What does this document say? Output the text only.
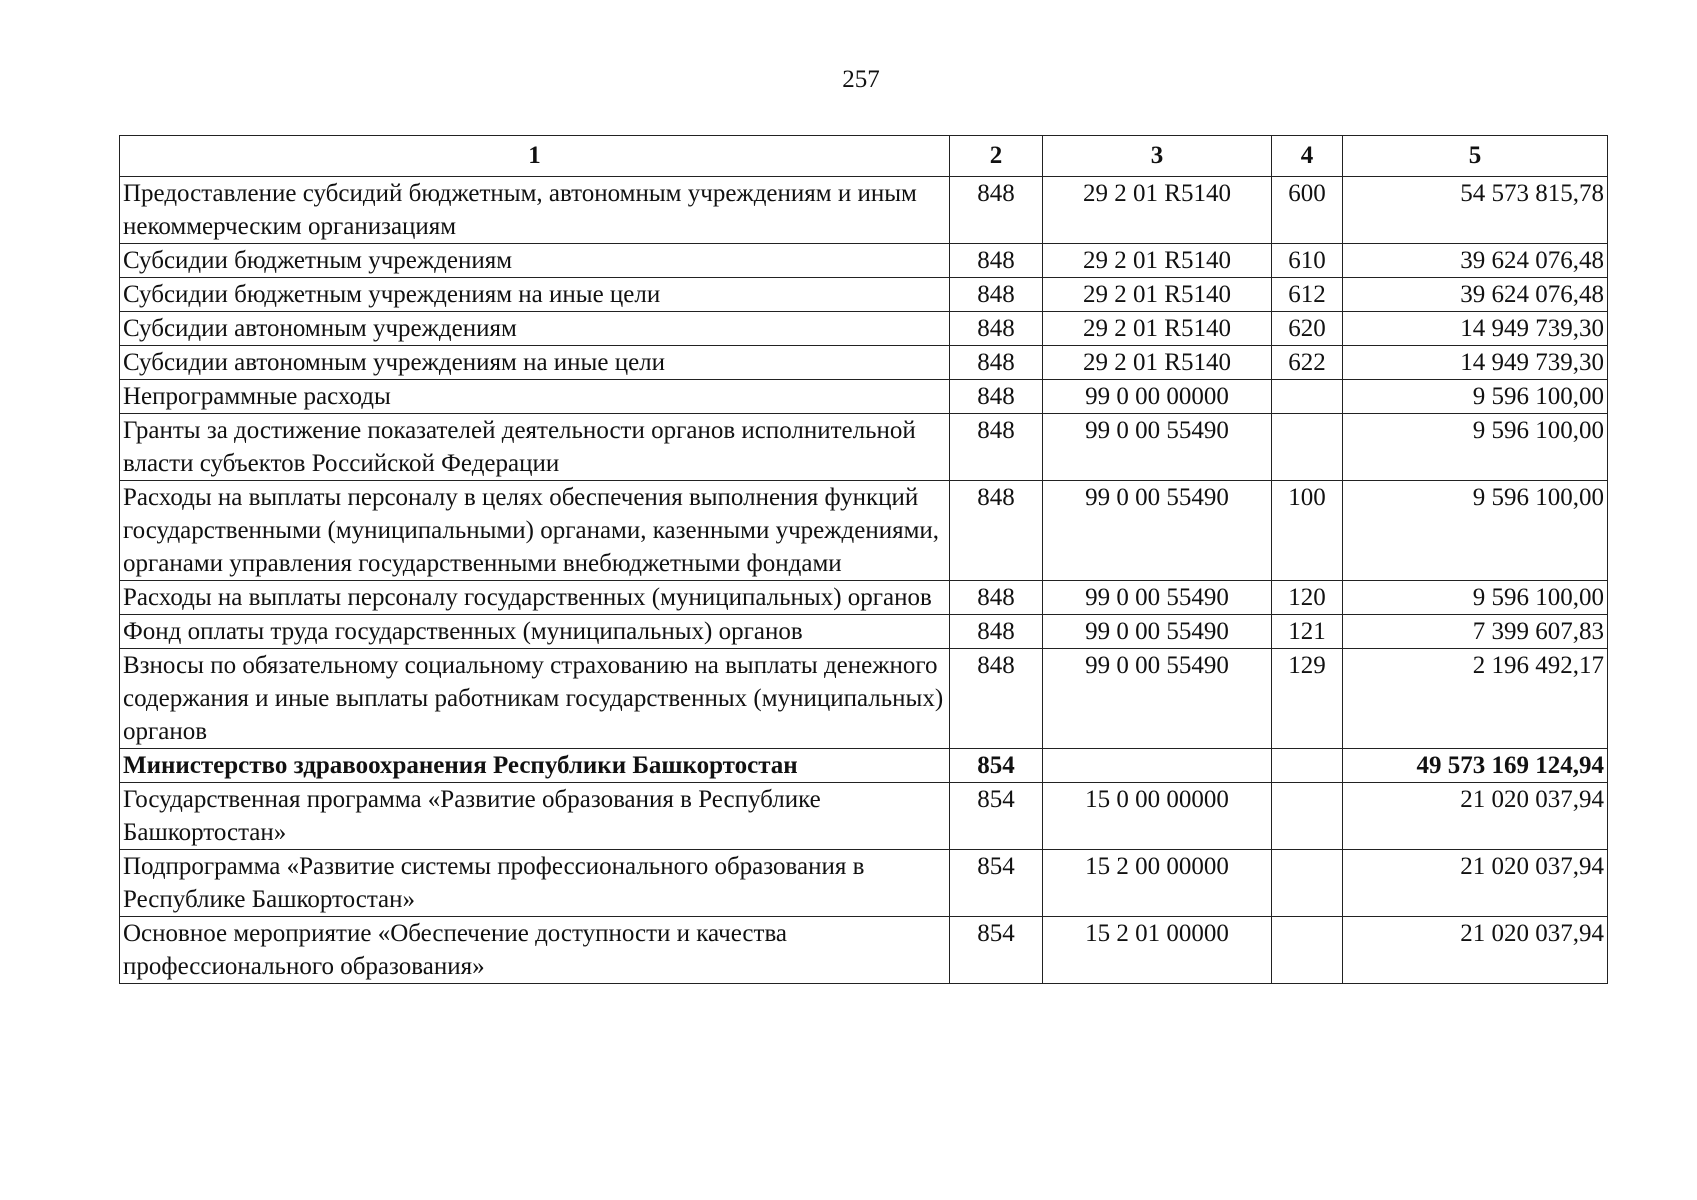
257
1	2	3	4	5
Предоставление субсидий бюджетным, автономным учреждениям и иным некоммерческим организациям	848	29 2 01 R5140	600	54 573 815,78
Субсидии бюджетным учреждениям	848	29 2 01 R5140	610	39 624 076,48
Субсидии бюджетным учреждениям на иные цели	848	29 2 01 R5140	612	39 624 076,48
Субсидии автономным учреждениям	848	29 2 01 R5140	620	14 949 739,30
Субсидии автономным учреждениям на иные цели	848	29 2 01 R5140	622	14 949 739,30
Непрограммные расходы	848	99 0 00 00000		9 596 100,00
Гранты за достижение показателей деятельности органов исполнительной власти субъектов Российской Федерации	848	99 0 00 55490		9 596 100,00
Расходы на выплаты персоналу в целях обеспечения выполнения функций государственными (муниципальными) органами, казенными учреждениями, органами управления государственными внебюджетными фондами	848	99 0 00 55490	100	9 596 100,00
Расходы на выплаты персоналу государственных (муниципальных) органов	848	99 0 00 55490	120	9 596 100,00
Фонд оплаты труда государственных (муниципальных) органов	848	99 0 00 55490	121	7 399 607,83
Взносы по обязательному социальному страхованию на выплаты денежного содержания и иные выплаты работникам государственных (муниципальных) органов	848	99 0 00 55490	129	2 196 492,17
Министерство здравоохранения Республики Башкортостан	854			49 573 169 124,94
Государственная программа «Развитие образования в Республике Башкортостан»	854	15 0 00 00000		21 020 037,94
Подпрограмма «Развитие системы профессионального образования в Республике Башкортостан»	854	15 2 00 00000		21 020 037,94
Основное мероприятие «Обеспечение доступности и качества профессионального образования»	854	15 2 01 00000		21 020 037,94
